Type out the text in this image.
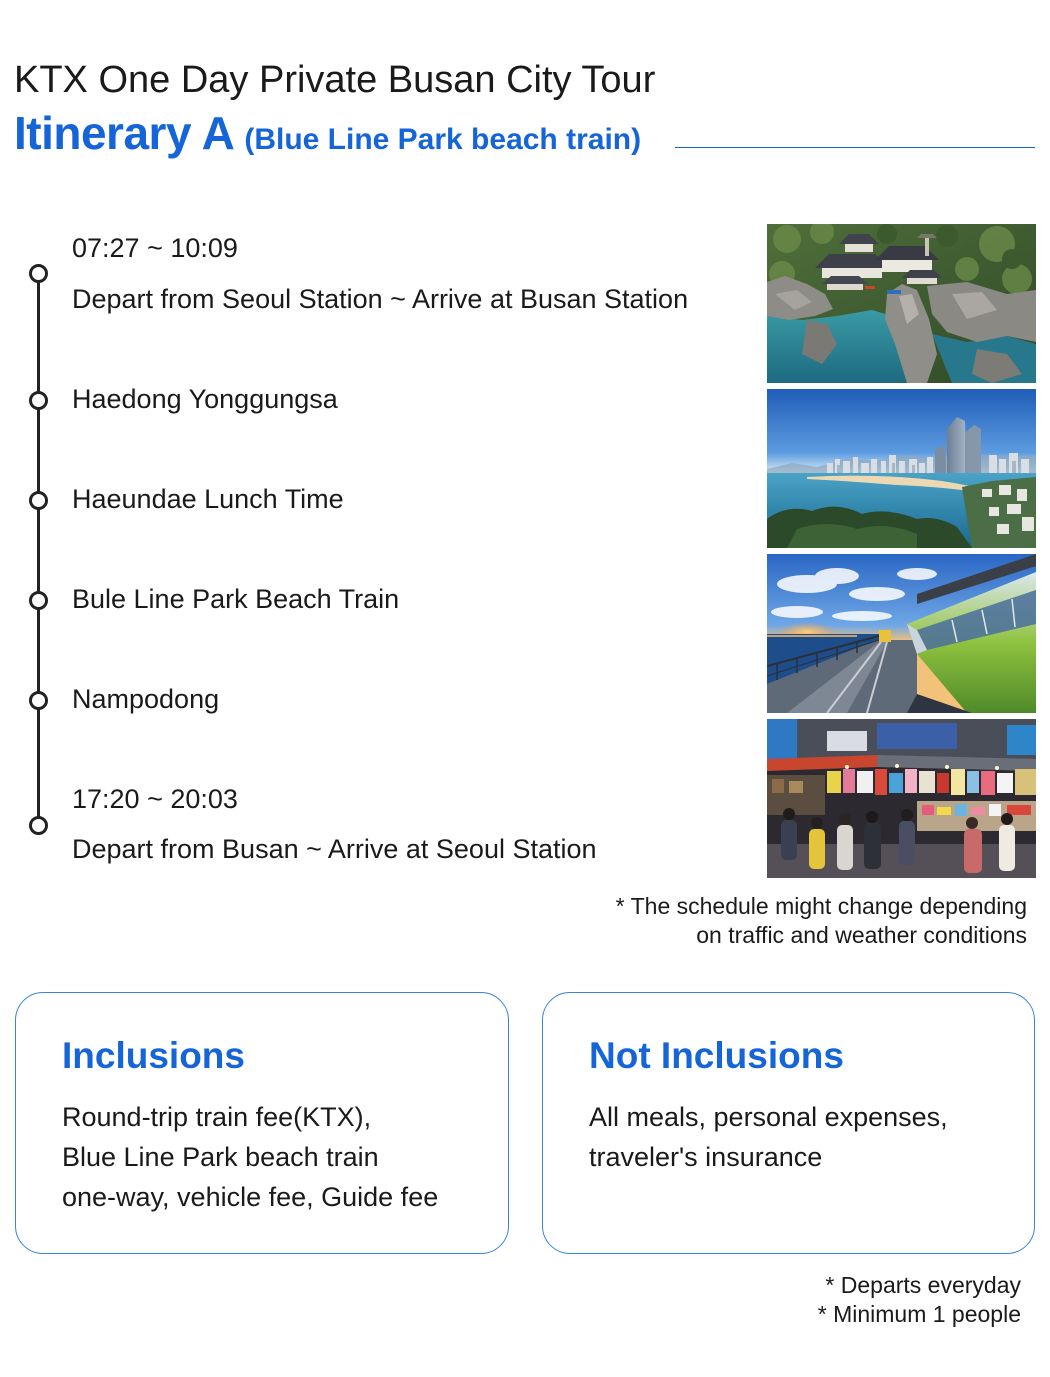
KTX One Day Private Busan City Tour
Itinerary A (Blue Line Park beach train)
07:27 ~ 10:09
Depart from Seoul Station ~ Arrive at Busan Station
Haedong Yonggungsa
Haeundae Lunch Time
Bule Line Park Beach Train
Nampodong
17:20 ~ 20:03
Depart from Busan ~ Arrive at Seoul Station
* The schedule might change depending
on traffic and weather conditions
Inclusions
Round-trip train fee(KTX),
Blue Line Park beach train
one-way, vehicle fee, Guide fee
Not Inclusions
All meals, personal expenses,
traveler's insurance
* Departs everyday
* Minimum 1 people
